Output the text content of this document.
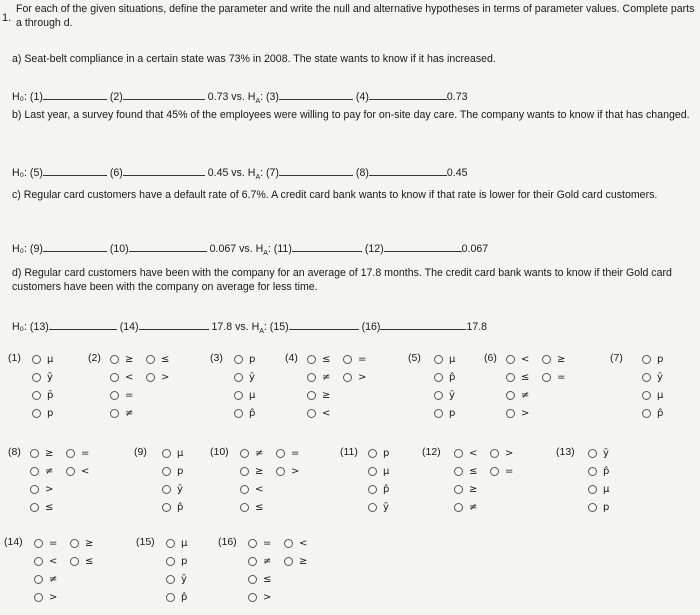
1.
For each of the given situations, define the parameter and write the null and alternative hypotheses in terms of parameter values. Complete parts a through d.
a) Seat-belt compliance in a certain state was 73% in 2008. The state wants to know if it has increased.
H₀: (1)	(2)	0.73 vs. $H_A$: (3)	(4)	0.73
b) Last year, a survey found that 45% of the employees were willing to pay for on-site day care. The company wants to know if that has changed.
H₀: (5)	(6)	0.45 vs. $H_A$: (7)	(8)	0.45
c) Regular card customers have a default rate of 6.7%. A credit card bank wants to know if that rate is lower for their Gold card customers.
H₀: (9)	(10)	0.067 vs. $H_A$: (11)	(12)	0.067
d) Regular card customers have been with the company for an average of 17.8 months. The credit card bank wants to know if their Gold card customers have been with the company on average for less time.
H₀: (13)	(14)	17.8 vs. $H_A$: (15)	(16)	17.8
(1)	μ
ȳ
p̄
p
(2) ≥
<
=
≤
>
≠
(3)	p
ȳ
μ
p̂
(4) ≤
≠
≥
<
=
>
(5)	μ
p̂
ȳ
p
(6) <
≤
≠
>
≥
=
(7)	p
ȳ
μ
p̂
(8) ≥
≠
>
≤
=
<
(9)	μ
p
ȳ
p̂
(10)	≠
≥
<
≤
=
>
(11)	p
μ
p̂
ȳ
(12)	<
≤
≥
≠
>
=
(13)	ȳ
p̂
μ
p
(14)	=
<
≠
>
≥
≤
(15)	μ
p
ȳ
p̂
(16)	=
≠
≤
>
<
≥
